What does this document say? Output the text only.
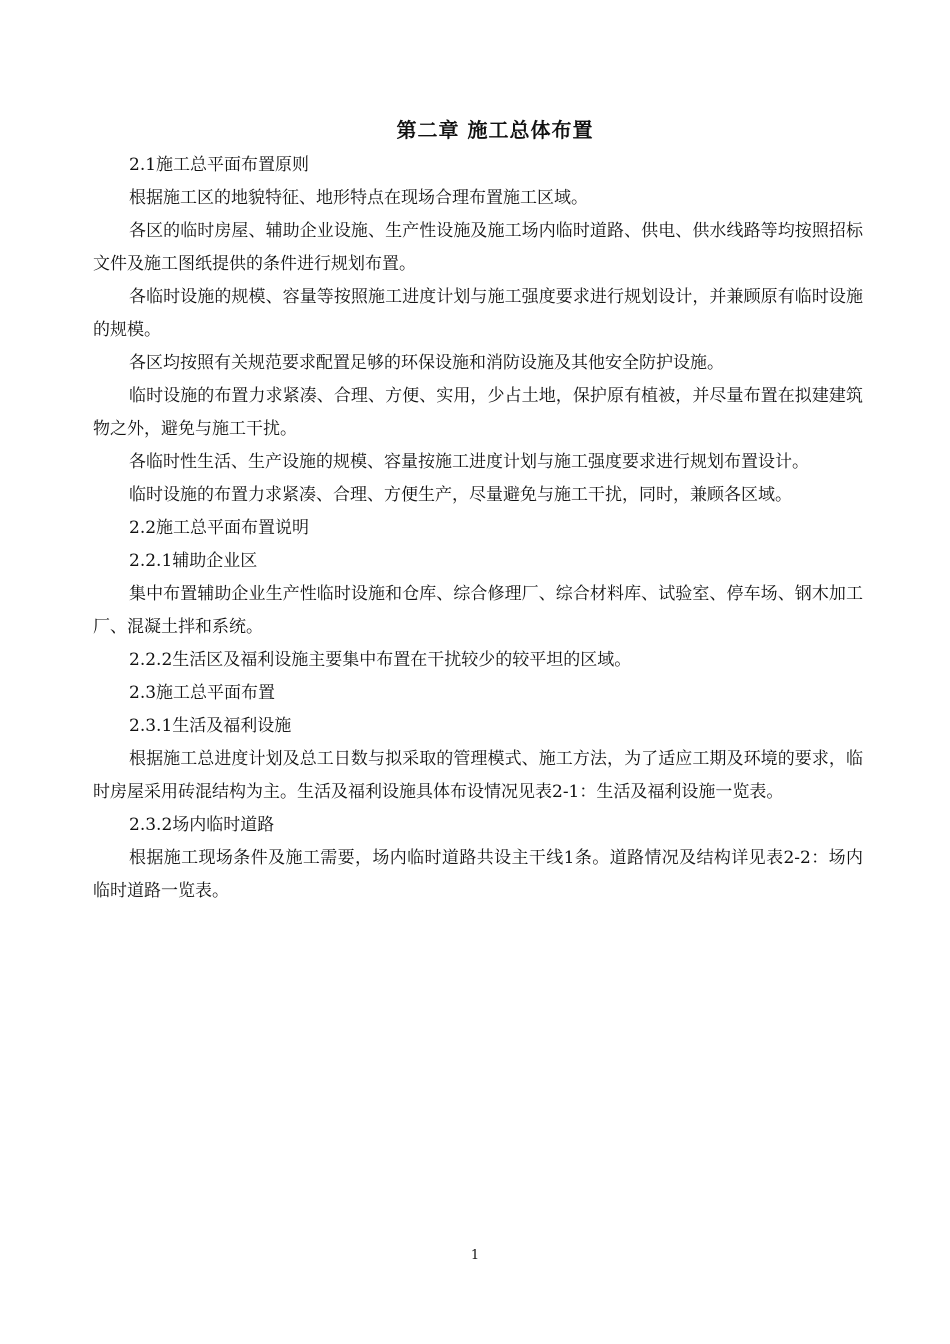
第二章 施工总体布置

2.1施工总平面布置原则

根据施工区的地貌特征、地形特点在现场合理布置施工区域。

各区的临时房屋、辅助企业设施、生产性设施及施工场内临时道路、供电、供水线路等均按照招标文件及施工图纸提供的条件进行规划布置。

各临时设施的规模、容量等按照施工进度计划与施工强度要求进行规划设计，并兼顾原有临时设施的规模。

各区均按照有关规范要求配置足够的环保设施和消防设施及其他安全防护设施。

临时设施的布置力求紧凑、合理、方便、实用，少占土地，保护原有植被，并尽量布置在拟建建筑物之外，避免与施工干扰。

各临时性生活、生产设施的规模、容量按施工进度计划与施工强度要求进行规划布置设计。

临时设施的布置力求紧凑、合理、方便生产，尽量避免与施工干扰，同时，兼顾各区域。

2.2施工总平面布置说明

2.2.1辅助企业区

集中布置辅助企业生产性临时设施和仓库、综合修理厂、综合材料库、试验室、停车场、钢木加工厂、混凝土拌和系统。

2.2.2生活区及福利设施主要集中布置在干扰较少的较平坦的区域。

2.3施工总平面布置

2.3.1生活及福利设施

根据施工总进度计划及总工日数与拟采取的管理模式、施工方法，为了适应工期及环境的要求，临时房屋采用砖混结构为主。生活及福利设施具体布设情况见表2-1：生活及福利设施一览表。

2.3.2场内临时道路

根据施工现场条件及施工需要，场内临时道路共设主干线1条。道路情况及结构详见表2-2：场内临时道路一览表。

1
